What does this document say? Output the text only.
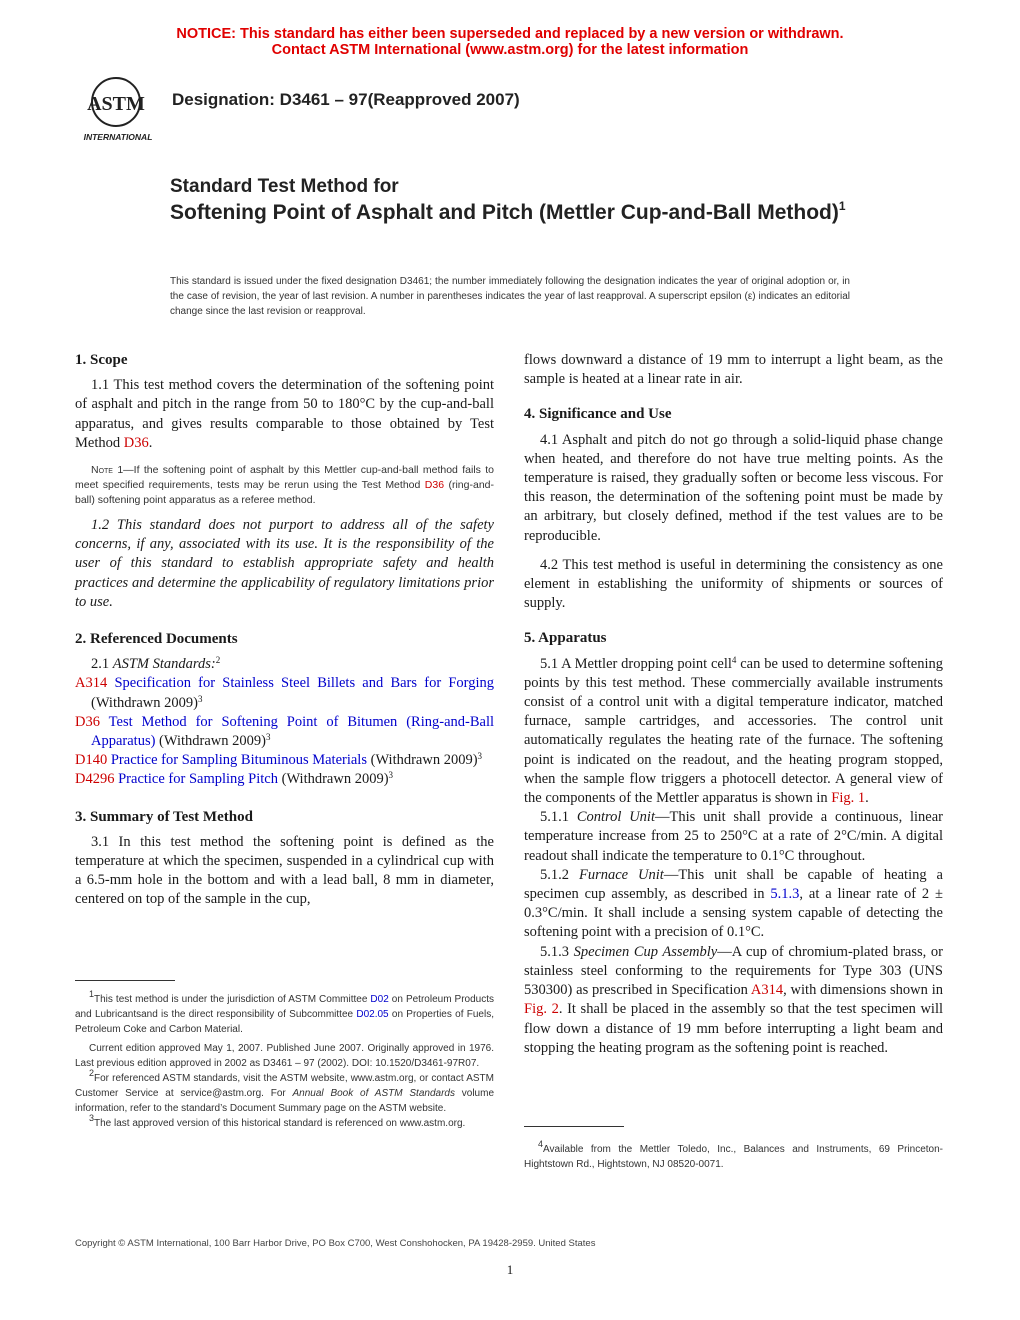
NOTICE: This standard has either been superseded and replaced by a new version or withdrawn.
Contact ASTM International (www.astm.org) for the latest information
ASTM
INTERNATIONAL
Designation: D3461 – 97(Reapproved 2007)
Standard Test Method for
Softening Point of Asphalt and Pitch (Mettler Cup-and-Ball Method)$^1$
This standard is issued under the fixed designation D3461; the number immediately following the designation indicates the year of original adoption or, in the case of revision, the year of last revision. A number in parentheses indicates the year of last reapproval. A superscript epsilon (ε) indicates an editorial change since the last revision or reapproval.

1. Scope

1.1 This test method covers the determination of the softening point of asphalt and pitch in the range from 50 to 180°C by the cup-and-ball apparatus, and gives results comparable to those obtained by Test Method D36.

Note 1—If the softening point of asphalt by this Mettler cup-and-ball method fails to meet specified requirements, tests may be rerun using the Test Method D36 (ring-and-ball) softening point apparatus as a referee method.

1.2 This standard does not purport to address all of the safety concerns, if any, associated with its use. It is the responsibility of the user of this standard to establish appropriate safety and health practices and determine the applicability of regulatory limitations prior to use.

2. Referenced Documents

2.1 ASTM Standards:$^2$

A314 Specification for Stainless Steel Billets and Bars for Forging (Withdrawn 2009)$^3$

D36 Test Method for Softening Point of Bitumen (Ring-and-Ball Apparatus) (Withdrawn 2009)$^3$

D140 Practice for Sampling Bituminous Materials (Withdrawn 2009)$^3$

D4296 Practice for Sampling Pitch (Withdrawn 2009)$^3$

3. Summary of Test Method

3.1 In this test method the softening point is defined as the temperature at which the specimen, suspended in a cylindrical cup with a 6.5-mm hole in the bottom and with a lead ball, 8 mm in diameter, centered on top of the sample in the cup,

$^1$This test method is under the jurisdiction of ASTM Committee D02 on Petroleum Products and Lubricantsand is the direct responsibility of Subcommittee D02.05 on Properties of Fuels, Petroleum Coke and Carbon Material.

Current edition approved May 1, 2007. Published June 2007. Originally approved in 1976. Last previous edition approved in 2002 as D3461 – 97 (2002). DOI: 10.1520/D3461-97R07.

$^2$For referenced ASTM standards, visit the ASTM website, www.astm.org, or contact ASTM Customer Service at service@astm.org. For Annual Book of ASTM Standards volume information, refer to the standard’s Document Summary page on the ASTM website.

$^3$The last approved version of this historical standard is referenced on www.astm.org.

flows downward a distance of 19 mm to interrupt a light beam, as the sample is heated at a linear rate in air.

4. Significance and Use

4.1 Asphalt and pitch do not go through a solid-liquid phase change when heated, and therefore do not have true melting points. As the temperature is raised, they gradually soften or become less viscous. For this reason, the determination of the softening point must be made by an arbitrary, but closely defined, method if the test values are to be reproducible.

4.2 This test method is useful in determining the consistency as one element in establishing the uniformity of shipments or sources of supply.

5. Apparatus

5.1 A Mettler dropping point cell$^4$ can be used to determine softening points by this test method. These commercially available instruments consist of a control unit with a digital temperature indicator, matched furnace, sample cartridges, and accessories. The control unit automatically regulates the heating rate of the furnace. The softening point is indicated on the readout, and the heating program stopped, when the sample flow triggers a photocell detector. A general view of the components of the Mettler apparatus is shown in Fig. 1.

5.1.1 Control Unit—This unit shall provide a continuous, linear temperature increase from 25 to 250°C at a rate of 2°C/min. A digital readout shall indicate the temperature to 0.1°C throughout.

5.1.2 Furnace Unit—This unit shall be capable of heating a specimen cup assembly, as described in 5.1.3, at a linear rate of 2 ± 0.3°C/min. It shall include a sensing system capable of detecting the softening point with a precision of 0.1°C.

5.1.3 Specimen Cup Assembly—A cup of chromium-plated brass, or stainless steel conforming to the requirements for Type 303 (UNS 530300) as prescribed in Specification A314, with dimensions shown in Fig. 2. It shall be placed in the assembly so that the test specimen will flow down a distance of 19 mm before interrupting a light beam and stopping the heating program as the softening point is reached.

$^4$Available from the Mettler Toledo, Inc., Balances and Instruments, 69 Princeton-Hightstown Rd., Hightstown, NJ 08520-0071.

Copyright © ASTM International, 100 Barr Harbor Drive, PO Box C700, West Conshohocken, PA 19428-2959. United States
1
